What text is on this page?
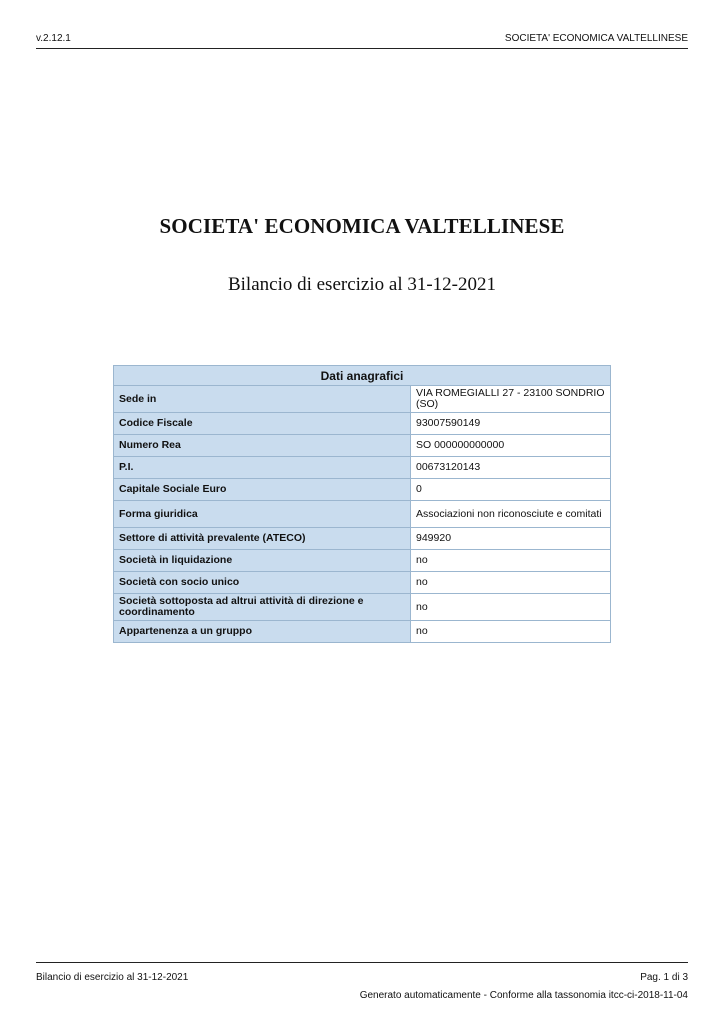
v.2.12.1	SOCIETA' ECONOMICA VALTELLINESE
SOCIETA' ECONOMICA VALTELLINESE
Bilancio di esercizio al 31-12-2021
Dati anagrafici	
Sede in	VIA ROMEGIALLI 27 - 23100 SONDRIO (SO)
Codice Fiscale	93007590149
Numero Rea	SO 000000000000
P.I.	00673120143
Capitale Sociale Euro	0
Forma giuridica	Associazioni non riconosciute e comitati
Settore di attività prevalente (ATECO)	949920
Società in liquidazione	no
Società con socio unico	no
Società sottoposta ad altrui attività di direzione e coordinamento	no
Appartenenza a un gruppo	no
Bilancio di esercizio al 31-12-2021	Pag. 1 di 3
Generato automaticamente - Conforme alla tassonomia itcc-ci-2018-11-04
